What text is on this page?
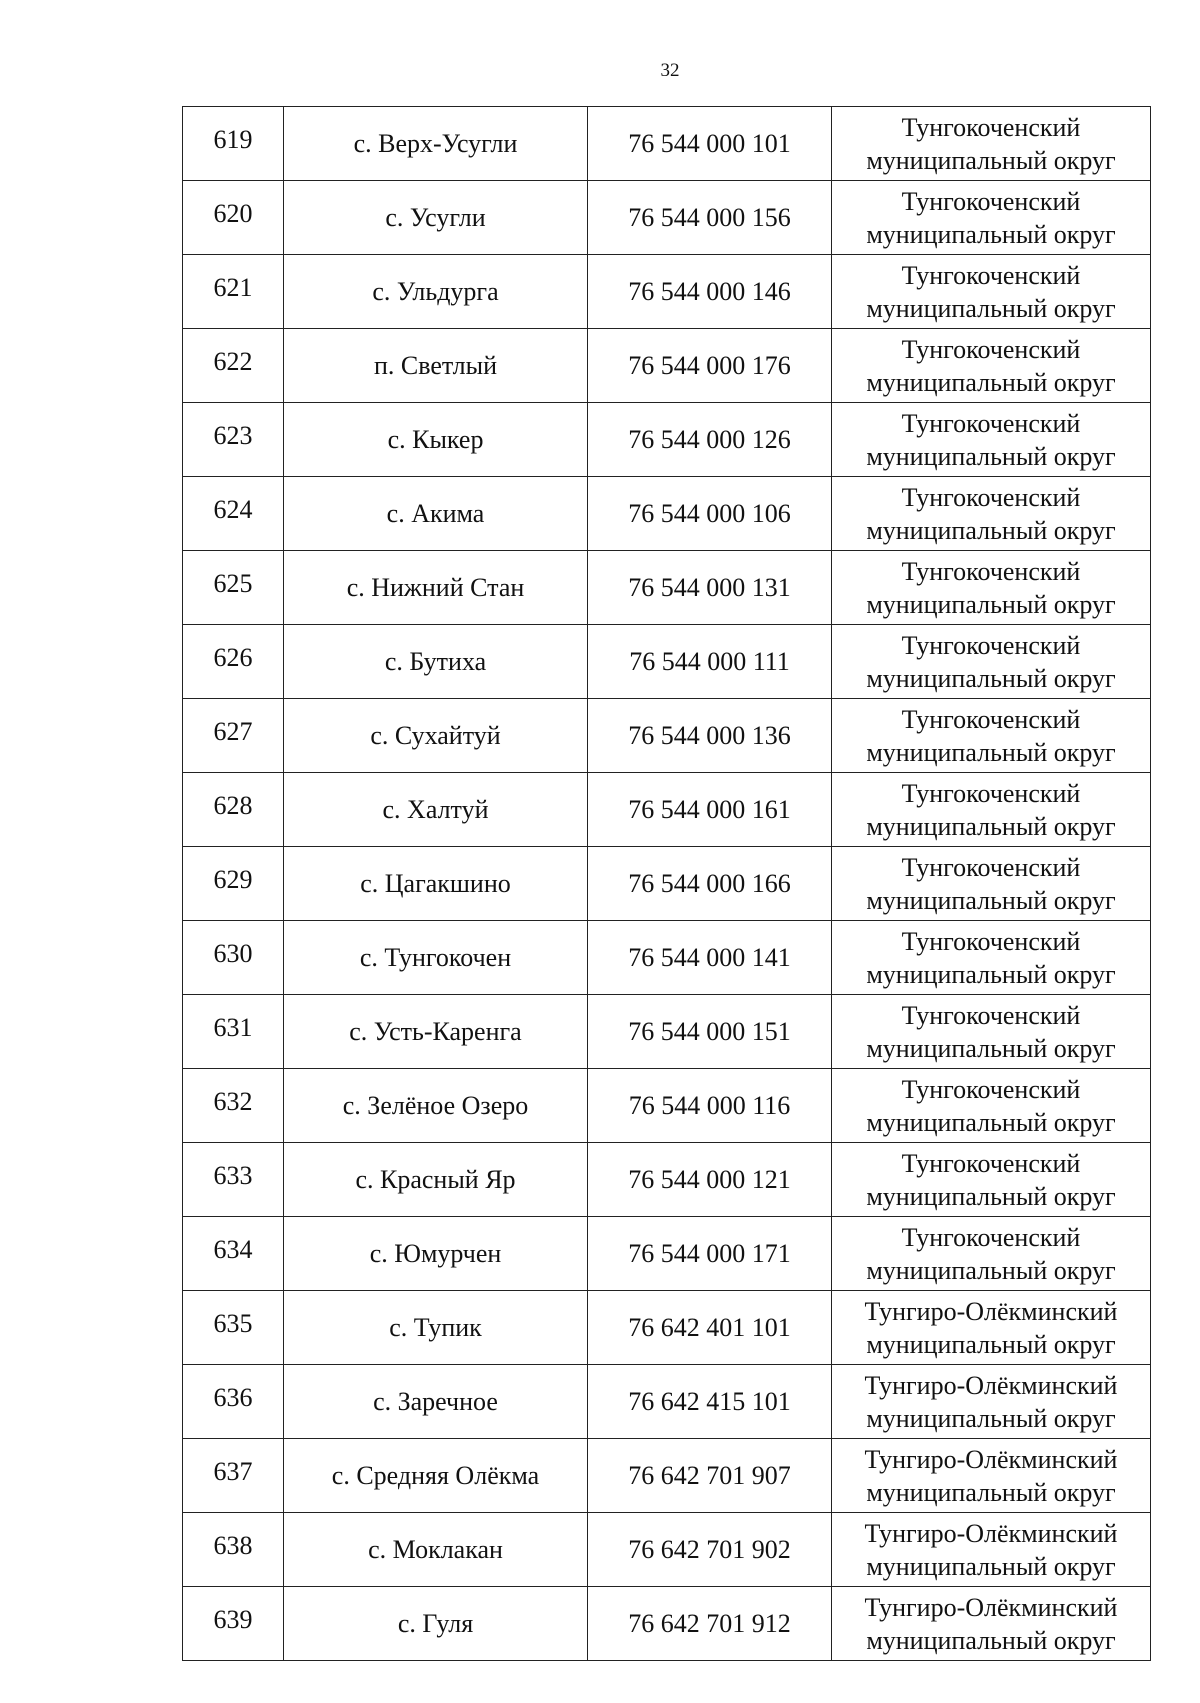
32
619	с. Верх-Усугли	76 544 000 101	Тунгокоченский
муниципальный округ

620	с. Усугли	76 544 000 156	Тунгокоченский
муниципальный округ

621	с. Ульдурга	76 544 000 146	Тунгокоченский
муниципальный округ

622	п. Светлый	76 544 000 176	Тунгокоченский
муниципальный округ

623	с. Кыкер	76 544 000 126	Тунгокоченский
муниципальный округ

624	с. Акима	76 544 000 106	Тунгокоченский
муниципальный округ

625	с. Нижний Стан	76 544 000 131	Тунгокоченский
муниципальный округ

626	с. Бутиха	76 544 000 111	Тунгокоченский
муниципальный округ

627	с. Сухайтуй	76 544 000 136	Тунгокоченский
муниципальный округ

628	с. Халтуй	76 544 000 161	Тунгокоченский
муниципальный округ

629	с. Цагакшино	76 544 000 166	Тунгокоченский
муниципальный округ

630	с. Тунгокочен	76 544 000 141	Тунгокоченский
муниципальный округ

631	с. Усть-Каренга	76 544 000 151	Тунгокоченский
муниципальный округ

632	с. Зелёное Озеро	76 544 000 116	Тунгокоченский
муниципальный округ

633	с. Красный Яр	76 544 000 121	Тунгокоченский
муниципальный округ

634	с. Юмурчен	76 544 000 171	Тунгокоченский
муниципальный округ

635	с. Тупик	76 642 401 101	Тунгиро-Олёкминский
муниципальный округ

636	с. Заречное	76 642 415 101	Тунгиро-Олёкминский
муниципальный округ

637	с. Средняя Олёкма	76 642 701 907	Тунгиро-Олёкминский
муниципальный округ

638	с. Моклакан	76 642 701 902	Тунгиро-Олёкминский
муниципальный округ

639	с. Гуля	76 642 701 912	Тунгиро-Олёкминский
муниципальный округ
